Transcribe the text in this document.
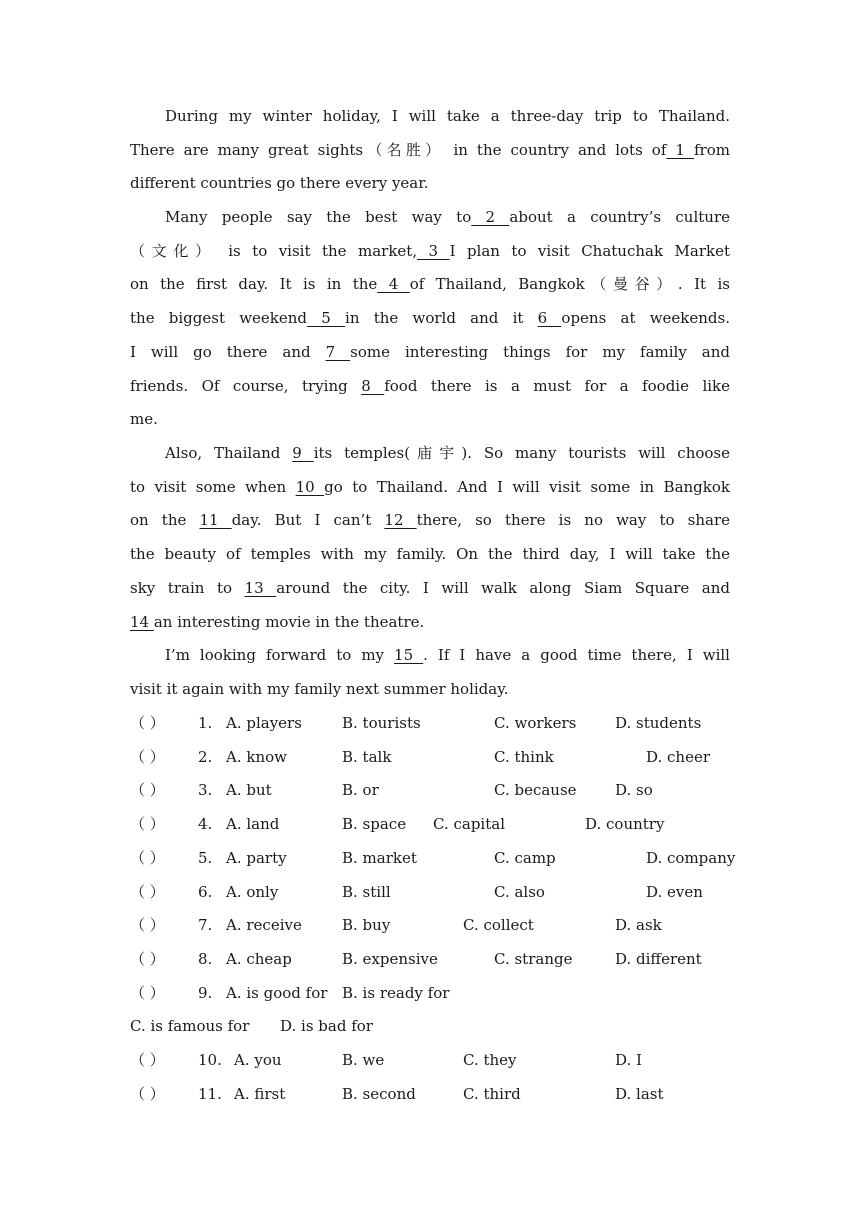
During my winter holiday, I will take a three-day trip to Thailand.
There are many great sights（名胜） in the country and lots of 1 from
different countries go there every year.
Many people say the best way to 2 about a country’s culture
（文化） is to visit the market, 3 I plan to visit Chatuchak Market
on the first day. It is in the 4 of Thailand, Bangkok（曼谷）. It is
the biggest weekend 5 in the world and it 6 opens at weekends.
I will go there and 7 some interesting things for my family and
friends. Of course, trying 8 food there is a must for a foodie like
me.
Also, Thailand 9 its temples(庙宇). So many tourists will choose
to visit some when 10 go to Thailand. And I will visit some in Bangkok
on the 11 day. But I can’t 12 there, so there is no way to share
the beauty of temples with my family. On the third day, I will take the
sky train to 13 around the city. I will walk along Siam Square and
14 an interesting movie in the theatre.
I’m looking forward to my 15 . If I have a good time there, I will
visit it again with my family next summer holiday.
（ ） 1. A. players	B. tourists	C. workers	D. students
（ ） 2. A. know	B. talk	C. think	D. cheer
（ ） 3. A. but	B. or	C. because	D. so
（ ） 4. A. land	B. space C. capital	D. country
（ ） 5. A. party	B. market	C. camp	D. company
（ ） 6. A. only	B. still	C. also	D. even
（ ） 7. A. receive	B. buy	C. collect	D. ask
（ ） 8. A. cheap	B. expensive	C. strange	D. different
（ ） 9. A. is good for B. is ready for
C. is famous for D. is bad for
（ ） 10. A. you	B. we	C. they	D. I
（ ） 11. A. first	B. second	C. third	D. last
